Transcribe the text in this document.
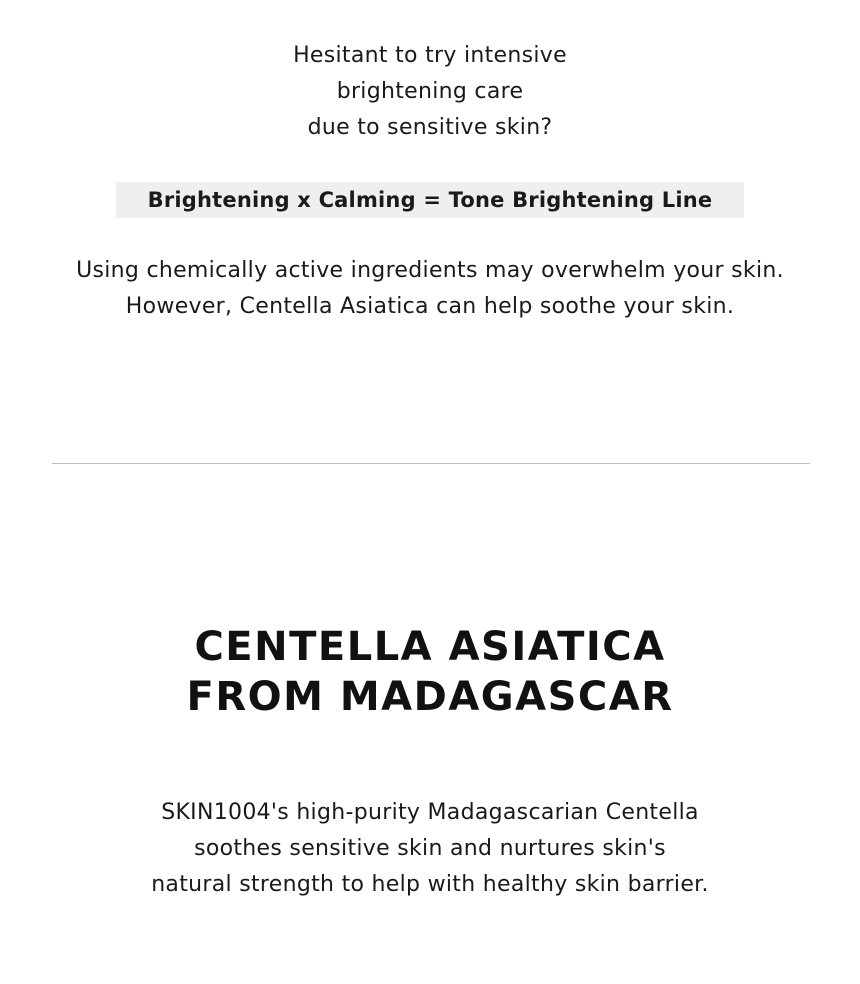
Hesitant to try intensive
brightening care
due to sensitive skin?
Brightening x Calming = Tone Brightening Line
Using chemically active ingredients may overwhelm your skin.
However, Centella Asiatica can help soothe your skin.
CENTELLA ASIATICA
FROM MADAGASCAR
SKIN1004's high-purity Madagascarian Centella
soothes sensitive skin and nurtures skin's
natural strength to help with healthy skin barrier.
